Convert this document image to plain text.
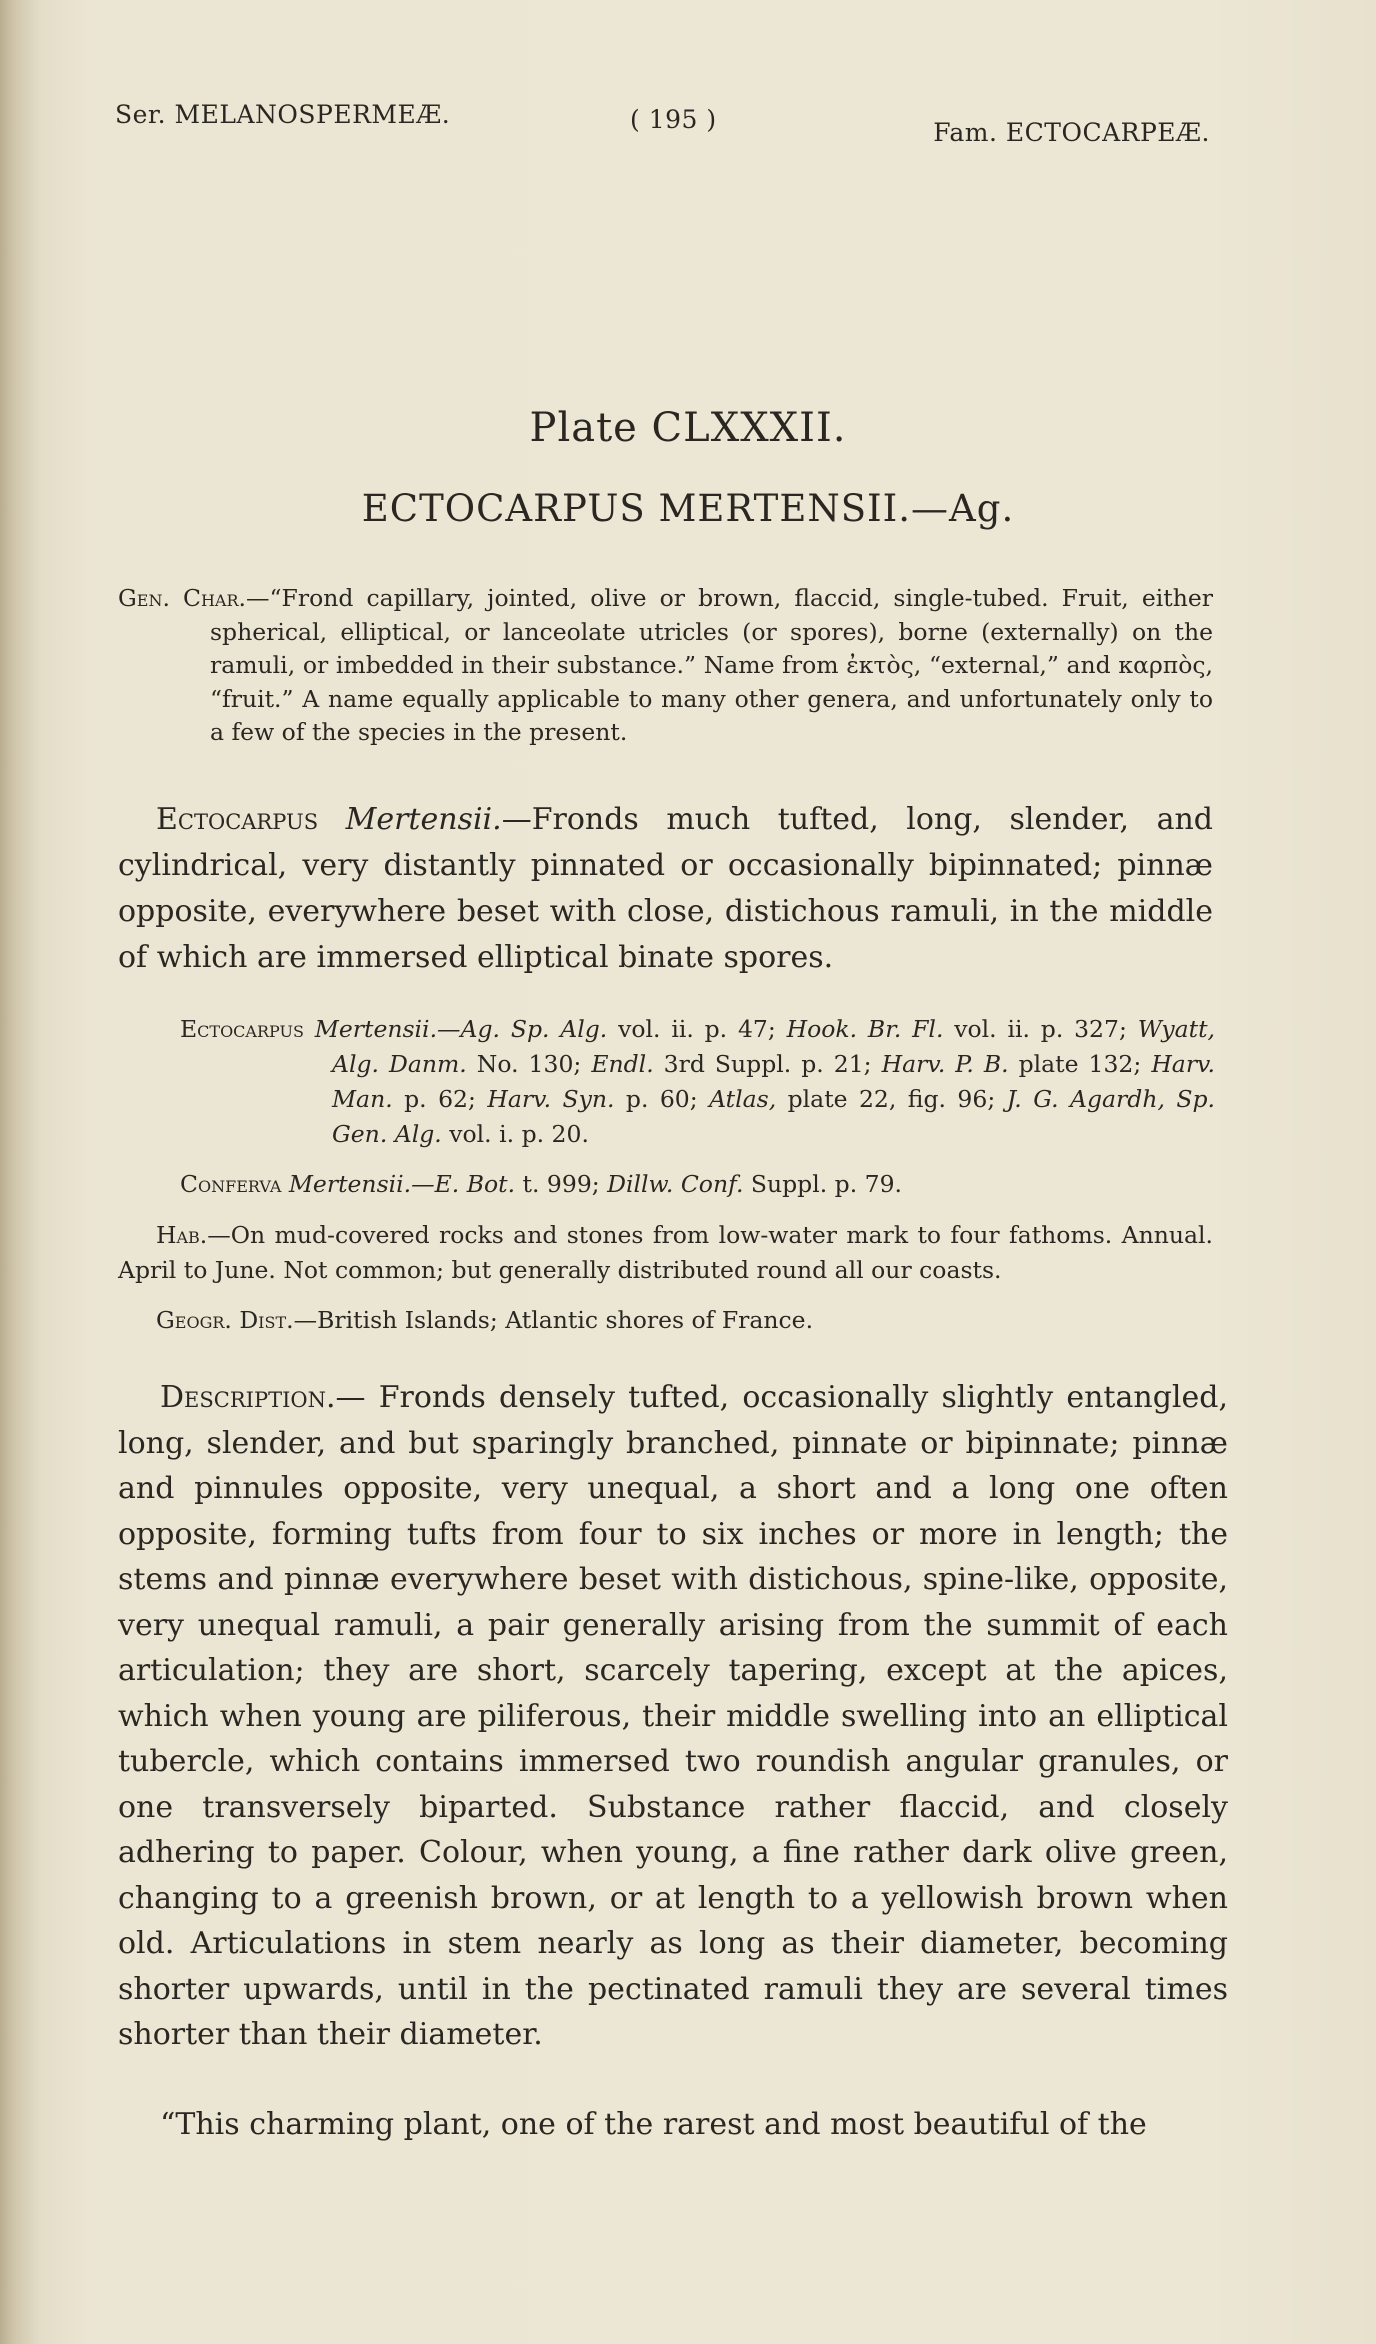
Ser. MELANOSPERMEÆ.	( 195 )	Fam. ECTOCARPEÆ.
Plate CLXXXII.
ECTOCARPUS MERTENSII.—Ag.
Gen. Char.—“Frond capillary, jointed, olive or brown, flaccid, single-tubed. Fruit, either spherical, elliptical, or lanceolate utricles (or spores), borne (externally) on the ramuli, or imbedded in their substance.” Name from ἐκτὸς, “external,” and καρπὸς, “fruit.” A name equally applicable to many other genera, and unfortunately only to a few of the species in the present.
Ectocarpus Mertensii.—Fronds much tufted, long, slender, and cylindrical, very distantly pinnated or occasionally bipinnated; pinnæ opposite, everywhere beset with close, distichous ramuli, in the middle of which are immersed elliptical binate spores.
Ectocarpus Mertensii.—Ag. Sp. Alg. vol. ii. p. 47; Hook. Br. Fl. vol. ii. p. 327; Wyatt, Alg. Danm. No. 130; Endl. 3rd Suppl. p. 21; Harv. P. B. plate 132; Harv. Man. p. 62; Harv. Syn. p. 60; Atlas, plate 22, fig. 96; J. G. Agardh, Sp. Gen. Alg. vol. i. p. 20.
Conferva Mertensii.—E. Bot. t. 999; Dillw. Conf. Suppl. p. 79.
Hab.—On mud-covered rocks and stones from low-water mark to four fathoms. Annual. April to June. Not common; but generally distributed round all our coasts.
Geogr. Dist.—British Islands; Atlantic shores of France.
Description.— Fronds densely tufted, occasionally slightly entangled, long, slender, and but sparingly branched, pinnate or bipinnate; pinnæ and pinnules opposite, very unequal, a short and a long one often opposite, forming tufts from four to six inches or more in length; the stems and pinnæ everywhere beset with distichous, spine-like, opposite, very unequal ramuli, a pair generally arising from the summit of each articulation; they are short, scarcely tapering, except at the apices, which when young are piliferous, their middle swelling into an elliptical tubercle, which contains immersed two roundish angular granules, or one transversely biparted. Substance rather flaccid, and closely adhering to paper. Colour, when young, a fine rather dark olive green, changing to a greenish brown, or at length to a yellowish brown when old. Articulations in stem nearly as long as their diameter, becoming shorter upwards, until in the pectinated ramuli they are several times shorter than their diameter.
“This charming plant, one of the rarest and most beautiful of the
